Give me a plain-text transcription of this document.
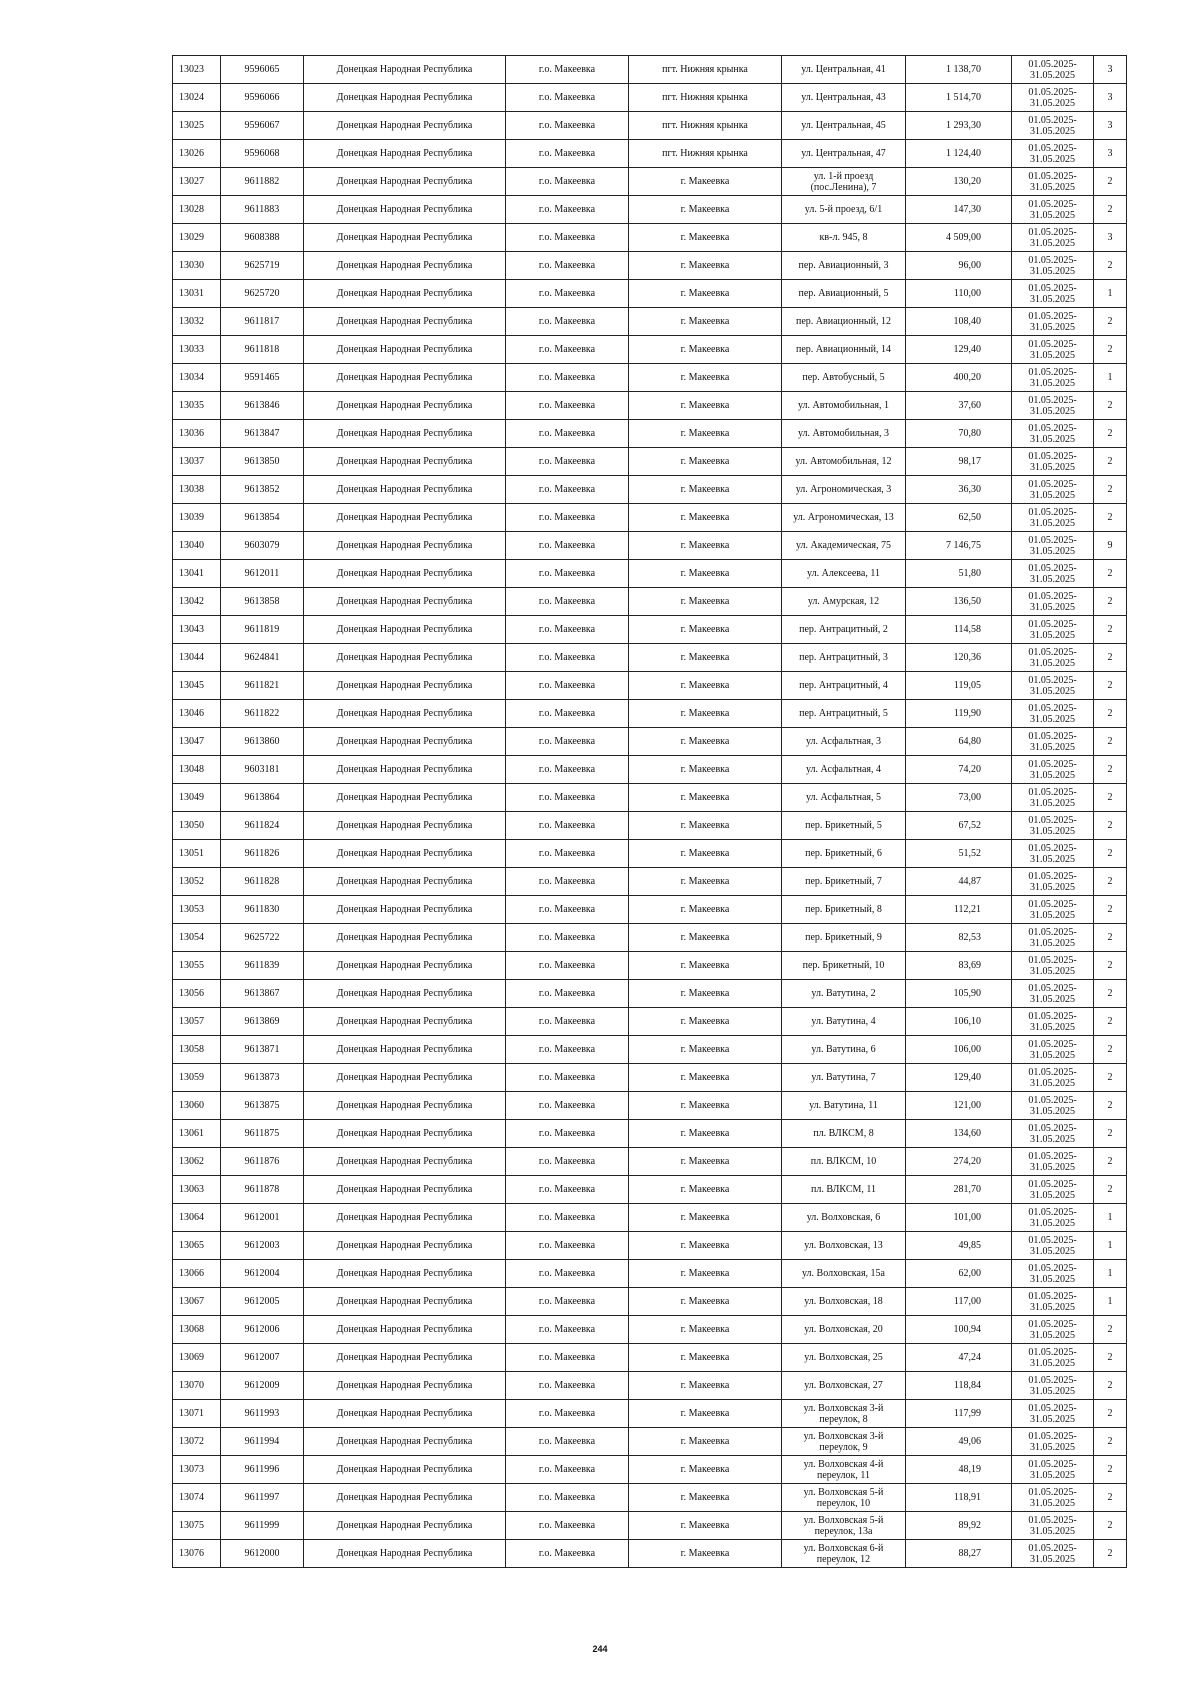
13023	9596065	Донецкая Народная Республика	г.о. Макеевка	пгт. Нижняя крынка	ул. Центральная, 41	1 138,70	01.05.2025- 31.05.2025	3
13024	9596066	Донецкая Народная Республика	г.о. Макеевка	пгт. Нижняя крынка	ул. Центральная, 43	1 514,70	01.05.2025- 31.05.2025	3
13025	9596067	Донецкая Народная Республика	г.о. Макеевка	пгт. Нижняя крынка	ул. Центральная, 45	1 293,30	01.05.2025- 31.05.2025	3
13026	9596068	Донецкая Народная Республика	г.о. Макеевка	пгт. Нижняя крынка	ул. Центральная, 47	1 124,40	01.05.2025- 31.05.2025	3
13027	9611882	Донецкая Народная Республика	г.о. Макеевка	г. Макеевка	ул. 1-й проезд (пос.Ленина), 7	130,20	01.05.2025- 31.05.2025	2
13028	9611883	Донецкая Народная Республика	г.о. Макеевка	г. Макеевка	ул. 5-й проезд, 6/1	147,30	01.05.2025- 31.05.2025	2
13029	9608388	Донецкая Народная Республика	г.о. Макеевка	г. Макеевка	кв-л. 945, 8	4 509,00	01.05.2025- 31.05.2025	3
13030	9625719	Донецкая Народная Республика	г.о. Макеевка	г. Макеевка	пер. Авиационный, 3	96,00	01.05.2025- 31.05.2025	2
13031	9625720	Донецкая Народная Республика	г.о. Макеевка	г. Макеевка	пер. Авиационный, 5	110,00	01.05.2025- 31.05.2025	1
13032	9611817	Донецкая Народная Республика	г.о. Макеевка	г. Макеевка	пер. Авиационный, 12	108,40	01.05.2025- 31.05.2025	2
13033	9611818	Донецкая Народная Республика	г.о. Макеевка	г. Макеевка	пер. Авиационный, 14	129,40	01.05.2025- 31.05.2025	2
13034	9591465	Донецкая Народная Республика	г.о. Макеевка	г. Макеевка	пер. Автобусный, 5	400,20	01.05.2025- 31.05.2025	1
13035	9613846	Донецкая Народная Республика	г.о. Макеевка	г. Макеевка	ул. Автомобильная, 1	37,60	01.05.2025- 31.05.2025	2
13036	9613847	Донецкая Народная Республика	г.о. Макеевка	г. Макеевка	ул. Автомобильная, 3	70,80	01.05.2025- 31.05.2025	2
13037	9613850	Донецкая Народная Республика	г.о. Макеевка	г. Макеевка	ул. Автомобильная, 12	98,17	01.05.2025- 31.05.2025	2
13038	9613852	Донецкая Народная Республика	г.о. Макеевка	г. Макеевка	ул. Агрономическая, 3	36,30	01.05.2025- 31.05.2025	2
13039	9613854	Донецкая Народная Республика	г.о. Макеевка	г. Макеевка	ул. Агрономическая, 13	62,50	01.05.2025- 31.05.2025	2
13040	9603079	Донецкая Народная Республика	г.о. Макеевка	г. Макеевка	ул. Академическая, 75	7 146,75	01.05.2025- 31.05.2025	9
13041	9612011	Донецкая Народная Республика	г.о. Макеевка	г. Макеевка	ул. Алексеева, 11	51,80	01.05.2025- 31.05.2025	2
13042	9613858	Донецкая Народная Республика	г.о. Макеевка	г. Макеевка	ул. Амурская, 12	136,50	01.05.2025- 31.05.2025	2
13043	9611819	Донецкая Народная Республика	г.о. Макеевка	г. Макеевка	пер. Антрацитный, 2	114,58	01.05.2025- 31.05.2025	2
13044	9624841	Донецкая Народная Республика	г.о. Макеевка	г. Макеевка	пер. Антрацитный, 3	120,36	01.05.2025- 31.05.2025	2
13045	9611821	Донецкая Народная Республика	г.о. Макеевка	г. Макеевка	пер. Антрацитный, 4	119,05	01.05.2025- 31.05.2025	2
13046	9611822	Донецкая Народная Республика	г.о. Макеевка	г. Макеевка	пер. Антрацитный, 5	119,90	01.05.2025- 31.05.2025	2
13047	9613860	Донецкая Народная Республика	г.о. Макеевка	г. Макеевка	ул. Асфальтная, 3	64,80	01.05.2025- 31.05.2025	2
13048	9603181	Донецкая Народная Республика	г.о. Макеевка	г. Макеевка	ул. Асфальтная, 4	74,20	01.05.2025- 31.05.2025	2
13049	9613864	Донецкая Народная Республика	г.о. Макеевка	г. Макеевка	ул. Асфальтная, 5	73,00	01.05.2025- 31.05.2025	2
13050	9611824	Донецкая Народная Республика	г.о. Макеевка	г. Макеевка	пер. Брикетный, 5	67,52	01.05.2025- 31.05.2025	2
13051	9611826	Донецкая Народная Республика	г.о. Макеевка	г. Макеевка	пер. Брикетный, 6	51,52	01.05.2025- 31.05.2025	2
13052	9611828	Донецкая Народная Республика	г.о. Макеевка	г. Макеевка	пер. Брикетный, 7	44,87	01.05.2025- 31.05.2025	2
13053	9611830	Донецкая Народная Республика	г.о. Макеевка	г. Макеевка	пер. Брикетный, 8	112,21	01.05.2025- 31.05.2025	2
13054	9625722	Донецкая Народная Республика	г.о. Макеевка	г. Макеевка	пер. Брикетный, 9	82,53	01.05.2025- 31.05.2025	2
13055	9611839	Донецкая Народная Республика	г.о. Макеевка	г. Макеевка	пер. Брикетный, 10	83,69	01.05.2025- 31.05.2025	2
13056	9613867	Донецкая Народная Республика	г.о. Макеевка	г. Макеевка	ул. Ватутина, 2	105,90	01.05.2025- 31.05.2025	2
13057	9613869	Донецкая Народная Республика	г.о. Макеевка	г. Макеевка	ул. Ватутина, 4	106,10	01.05.2025- 31.05.2025	2
13058	9613871	Донецкая Народная Республика	г.о. Макеевка	г. Макеевка	ул. Ватутина, 6	106,00	01.05.2025- 31.05.2025	2
13059	9613873	Донецкая Народная Республика	г.о. Макеевка	г. Макеевка	ул. Ватутина, 7	129,40	01.05.2025- 31.05.2025	2
13060	9613875	Донецкая Народная Республика	г.о. Макеевка	г. Макеевка	ул. Ватутина, 11	121,00	01.05.2025- 31.05.2025	2
13061	9611875	Донецкая Народная Республика	г.о. Макеевка	г. Макеевка	пл. ВЛКСМ, 8	134,60	01.05.2025- 31.05.2025	2
13062	9611876	Донецкая Народная Республика	г.о. Макеевка	г. Макеевка	пл. ВЛКСМ, 10	274,20	01.05.2025- 31.05.2025	2
13063	9611878	Донецкая Народная Республика	г.о. Макеевка	г. Макеевка	пл. ВЛКСМ, 11	281,70	01.05.2025- 31.05.2025	2
13064	9612001	Донецкая Народная Республика	г.о. Макеевка	г. Макеевка	ул. Волховская, 6	101,00	01.05.2025- 31.05.2025	1
13065	9612003	Донецкая Народная Республика	г.о. Макеевка	г. Макеевка	ул. Волховская, 13	49,85	01.05.2025- 31.05.2025	1
13066	9612004	Донецкая Народная Республика	г.о. Макеевка	г. Макеевка	ул. Волховская, 15а	62,00	01.05.2025- 31.05.2025	1
13067	9612005	Донецкая Народная Республика	г.о. Макеевка	г. Макеевка	ул. Волховская, 18	117,00	01.05.2025- 31.05.2025	1
13068	9612006	Донецкая Народная Республика	г.о. Макеевка	г. Макеевка	ул. Волховская, 20	100,94	01.05.2025- 31.05.2025	2
13069	9612007	Донецкая Народная Республика	г.о. Макеевка	г. Макеевка	ул. Волховская, 25	47,24	01.05.2025- 31.05.2025	2
13070	9612009	Донецкая Народная Республика	г.о. Макеевка	г. Макеевка	ул. Волховская, 27	118,84	01.05.2025- 31.05.2025	2
13071	9611993	Донецкая Народная Республика	г.о. Макеевка	г. Макеевка	ул. Волховская 3-й переулок, 8	117,99	01.05.2025- 31.05.2025	2
13072	9611994	Донецкая Народная Республика	г.о. Макеевка	г. Макеевка	ул. Волховская 3-й переулок, 9	49,06	01.05.2025- 31.05.2025	2
13073	9611996	Донецкая Народная Республика	г.о. Макеевка	г. Макеевка	ул. Волховская 4-й переулок, 11	48,19	01.05.2025- 31.05.2025	2
13074	9611997	Донецкая Народная Республика	г.о. Макеевка	г. Макеевка	ул. Волховская 5-й переулок, 10	118,91	01.05.2025- 31.05.2025	2
13075	9611999	Донецкая Народная Республика	г.о. Макеевка	г. Макеевка	ул. Волховская 5-й переулок, 13а	89,92	01.05.2025- 31.05.2025	2
13076	9612000	Донецкая Народная Республика	г.о. Макеевка	г. Макеевка	ул. Волховская 6-й переулок, 12	88,27	01.05.2025- 31.05.2025	2
244
